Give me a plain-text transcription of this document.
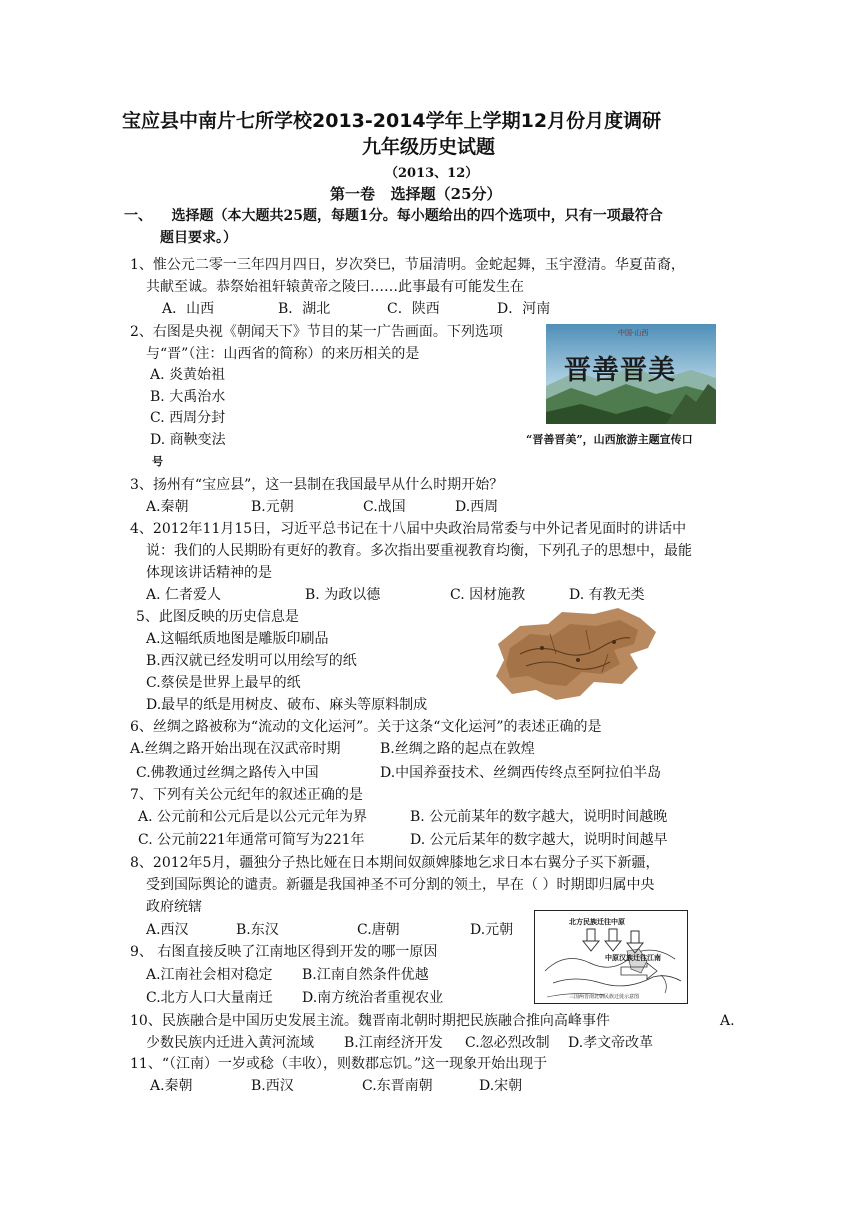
宝应县中南片七所学校2013-2014学年上学期12月份月度调研
九年级历史试题
（2013、12）
第一卷   选择题（25分）
一、    选择题（本大题共25题，每题1分。每小题给出的四个选项中，只有一项最符合
题目要求。）
1、惟公元二零一三年四月四日，岁次癸巳，节届清明。金蛇起舞，玉宇澄清。华夏苗裔，
共献至诚。恭祭始祖轩辕黄帝之陵曰……此事最有可能发生在
A．山西	B．湖北	C．陕西	D．河南
2、右图是央视《朝闻天下》节目的某一广告画面。下列选项
与“晋”（注：山西省的简称）的来历相关的是
A. 炎黄始祖
B. 大禹治水
C. 西周分封
D. 商鞅变法
中国·山西
晋善晋美
“晋善晋美”，山西旅游主题宣传口
号
3、扬州有“宝应县”，这一县制在我国最早从什么时期开始？
A.秦朝	B.元朝	C.战国	D.西周
4、2012年11月15日，习近平总书记在十八届中央政治局常委与中外记者见面时的讲话中
说：我们的人民期盼有更好的教育。多次指出要重视教育均衡，下列孔子的思想中，最能
体现该讲话精神的是
A. 仁者爱人	B. 为政以德	C. 因材施教	D. 有教无类
5、此图反映的历史信息是
A.这幅纸质地图是雕版印刷品
B.西汉就已经发明可以用绘写的纸
C.蔡侯是世界上最早的纸
D.最早的纸是用树皮、破布、麻头等原料制成
6、丝绸之路被称为“流动的文化运河”。关于这条“文化运河”的表述正确的是
A.丝绸之路开始出现在汉武帝时期	B.丝绸之路的起点在敦煌
C.佛教通过丝绸之路传入中国	D.中国养蚕技术、丝绸西传终点至阿拉伯半岛
7、下列有关公元纪年的叙述正确的是
A. 公元前和公元后是以公元元年为界	B. 公元前某年的数字越大，说明时间越晚
C. 公元前221年通常可简写为221年	D. 公元后某年的数字越大，说明时间越早
8、2012年5月，疆独分子热比娅在日本期间奴颜婢膝地乞求日本右翼分子买下新疆，
受到国际舆论的谴责。新疆是我国神圣不可分割的领土，早在（ ）时期即归属中央
政府统辖
A.西汉	B.东汉	C.唐朝	D.元朝
北方民族迁往中原
中原汉族迁往江南
三国两晋南北朝民族迁徙示意图
9、 右图直接反映了江南地区得到开发的哪一原因
A.江南社会相对稳定 B.江南自然条件优越
C.北方人口大量南迁 D.南方统治者重视农业
10、民族融合是中国历史发展主流。魏晋南北朝时期把民族融合推向高峰事件	A.
少数民族内迁进入黄河流域 B.江南经济开发 C.忽必烈改制 D.孝文帝改革
11、“（江南）一岁或稔（丰收），则数郡忘饥。”这一现象开始出现于
A.秦朝	B.西汉	C.东晋南朝	D.宋朝
